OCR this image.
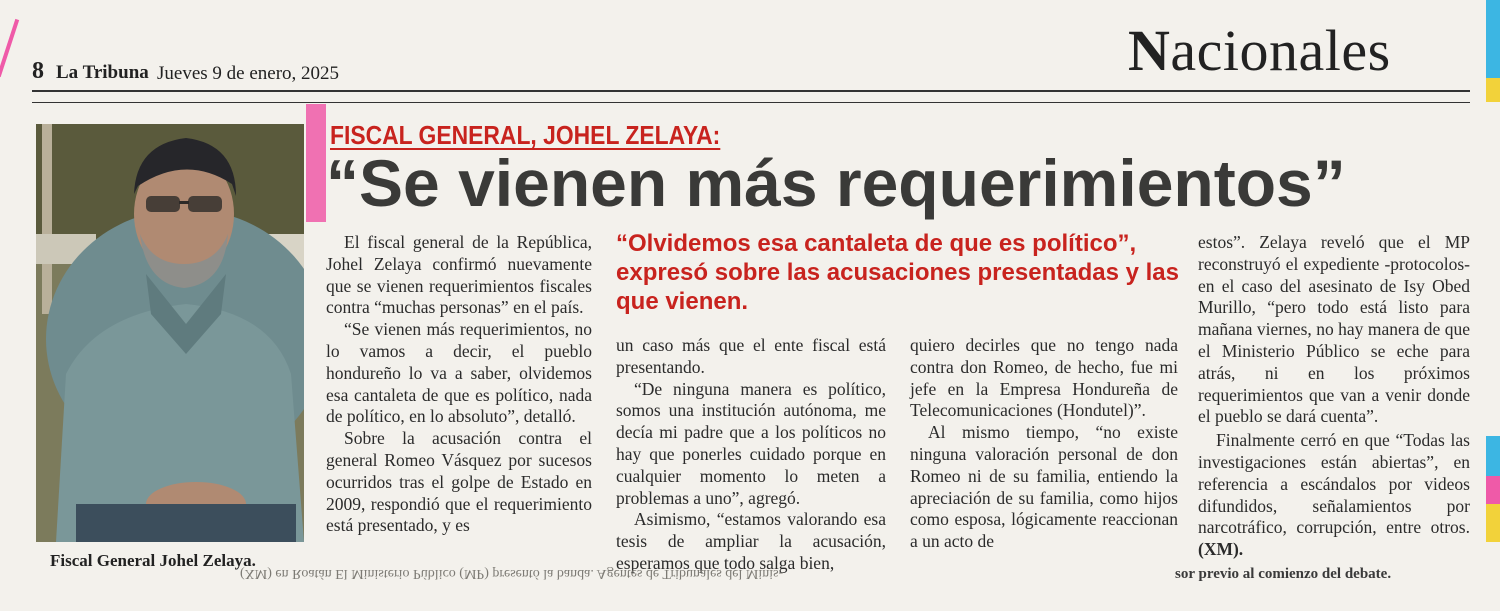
8 La Tribuna Jueves 9 de enero, 2025	Nacionales
Fiscal General Johel Zelaya.
FISCAL GENERAL, JOHEL ZELAYA:
“Se vienen más requerimientos”
“Olvidemos esa cantaleta de que es político”, expresó sobre las acusaciones presentadas y las que vienen.

El fiscal general de la República, Johel Zelaya confirmó nuevamente que se vienen requerimientos fiscales contra “muchas personas” en el país.

“Se vienen más requerimientos, no lo vamos a decir, el pueblo hondureño lo va a saber, olvidemos esa cantaleta de que es político, nada de político, en lo absoluto”, detalló.

Sobre la acusación contra el general Romeo Vásquez por sucesos ocurridos tras el golpe de Estado en 2009, respondió que el requerimiento está presentado, y es

un caso más que el ente fiscal está presentando.

“De ninguna manera es político, somos una institución autónoma, me decía mi padre que a los políticos no hay que ponerles cuidado porque en cualquier momento lo meten a problemas a uno”, agregó.

Asimismo, “estamos valorando esa tesis de ampliar la acusación, esperamos que todo salga bien,

quiero decirles que no tengo nada contra don Romeo, de hecho, fue mi jefe en la Empresa Hondureña de Telecomunicaciones (Hondutel)”.

Al mismo tiempo, “no existe ninguna valoración personal de don Romeo ni de su familia, entiendo la apreciación de su familia, como hijos como esposa, lógicamente reaccionan a un acto de

estos”. Zelaya reveló que el MP reconstruyó el expediente -protocolos- en el caso del asesinato de Isy Obed Murillo, “pero todo está listo para mañana viernes, no hay manera de que el Ministerio Público se eche para atrás, ni en los próximos requerimientos que van a venir donde el pueblo se dará cuenta”.

Finalmente cerró en que “Todas las investigaciones están abiertas”, en referencia a escándalos por videos difundidos, señalamientos por narcotráfico, corrupción, entre otros. (XM).

(XM) en Roatán El Ministerio Público (MP) presentó la banda. Agentes de Tribunales del Minis-	sor previo al comienzo del debate.
